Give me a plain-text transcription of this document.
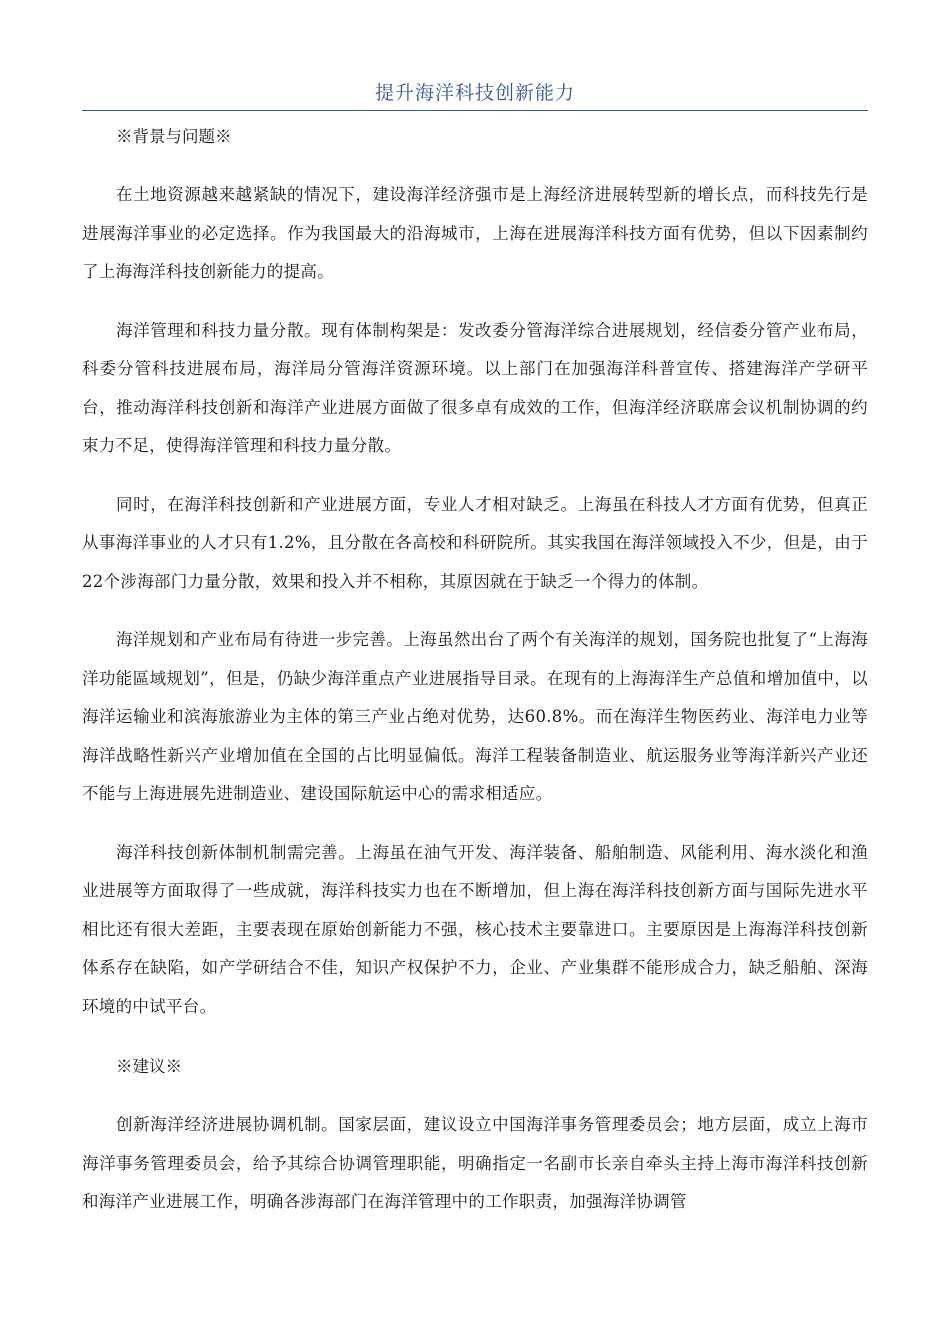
提升海洋科技创新能力

※背景与问题※

在土地资源越来越紧缺的情况下，建设海洋经济强市是上海经济进展转型新的增长点，而科技先行是进展海洋事业的必定选择。作为我国最大的沿海城市，上海在进展海洋科技方面有优势，但以下因素制约了上海海洋科技创新能力的提高。

海洋管理和科技力量分散。现有体制构架是：发改委分管海洋综合进展规划，经信委分管产业布局，科委分管科技进展布局，海洋局分管海洋资源环境。以上部门在加强海洋科普宣传、搭建海洋产学研平台，推动海洋科技创新和海洋产业进展方面做了很多卓有成效的工作，但海洋经济联席会议机制协调的约束力不足，使得海洋管理和科技力量分散。

同时，在海洋科技创新和产业进展方面，专业人才相对缺乏。上海虽在科技人才方面有优势，但真正从事海洋事业的人才只有1.2%，且分散在各高校和科研院所。其实我国在海洋领域投入不少，但是，由于22个涉海部门力量分散，效果和投入并不相称，其原因就在于缺乏一个得力的体制。

海洋规划和产业布局有待进一步完善。上海虽然出台了两个有关海洋的规划，国务院也批复了“上海海洋功能區域规划”，但是，仍缺少海洋重点产业进展指导目录。在现有的上海海洋生产总值和增加值中，以海洋运输业和滨海旅游业为主体的第三产业占绝对优势，达60.8%。而在海洋生物医药业、海洋电力业等海洋战略性新兴产业增加值在全国的占比明显偏低。海洋工程装备制造业、航运服务业等海洋新兴产业还不能与上海进展先进制造业、建设国际航运中心的需求相适应。

海洋科技创新体制机制需完善。上海虽在油气开发、海洋装备、船舶制造、风能利用、海水淡化和渔业进展等方面取得了一些成就，海洋科技实力也在不断增加，但上海在海洋科技创新方面与国际先进水平相比还有很大差距，主要表现在原始创新能力不强，核心技术主要靠进口。主要原因是上海海洋科技创新体系存在缺陷，如产学研结合不佳，知识产权保护不力，企业、产业集群不能形成合力，缺乏船舶、深海环境的中试平台。

※建议※

创新海洋经济进展协调机制。国家层面，建议设立中国海洋事务管理委员会；地方层面，成立上海市海洋事务管理委员会，给予其综合协调管理职能，明确指定一名副市长亲自牵头主持上海市海洋科技创新和海洋产业进展工作，明确各涉海部门在海洋管理中的工作职责，加强海洋协调管
